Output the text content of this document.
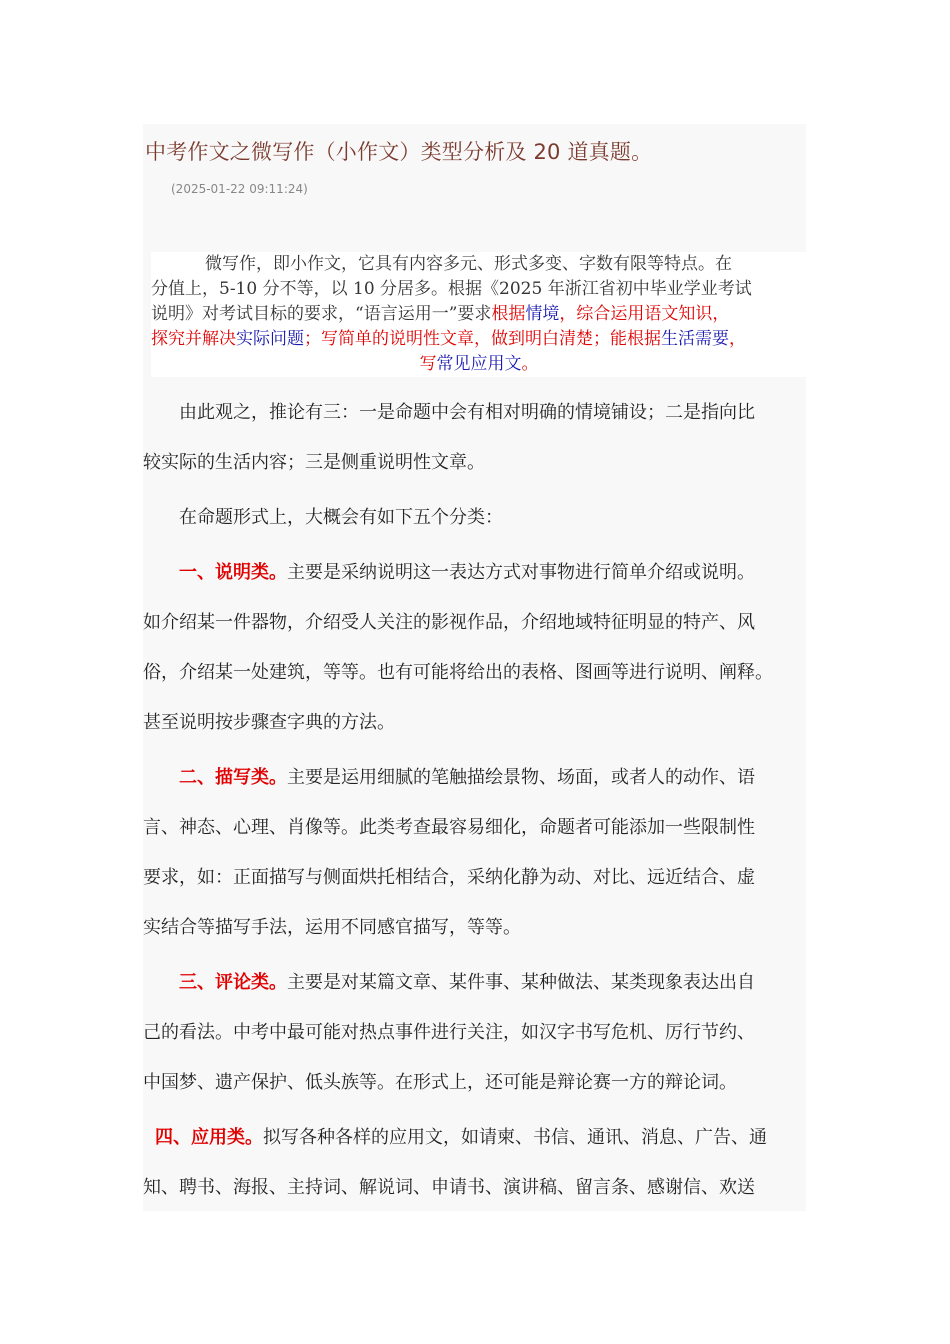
中考作文之微写作（小作文）类型分析及 20 道真题。
(2025-01-22 09:11:24)
微写作，即小作文，它具有内容多元、形式多变、字数有限等特点。在
分值上，5-10 分不等，以 10 分居多。根据《2025 年浙江省初中毕业学业考试
说明》对考试目标的要求，“语言运用一”要求根据情境，综合运用语文知识，
探究并解决实际问题；写简单的说明性文章，做到明白清楚；能根据生活需要，
写常见应用文。
由此观之，推论有三：一是命题中会有相对明确的情境铺设；二是指向比
较实际的生活内容；三是侧重说明性文章。
在命题形式上，大概会有如下五个分类：
一、说明类。主要是采纳说明这一表达方式对事物进行简单介绍或说明。
如介绍某一件器物，介绍受人关注的影视作品，介绍地域特征明显的特产、风
俗，介绍某一处建筑，等等。也有可能将给出的表格、图画等进行说明、阐释。
甚至说明按步骤查字典的方法。
二、描写类。主要是运用细腻的笔触描绘景物、场面，或者人的动作、语
言、神态、心理、肖像等。此类考查最容易细化，命题者可能添加一些限制性
要求，如：正面描写与侧面烘托相结合，采纳化静为动、对比、远近结合、虚
实结合等描写手法，运用不同感官描写，等等。
三、评论类。主要是对某篇文章、某件事、某种做法、某类现象表达出自
己的看法。中考中最可能对热点事件进行关注，如汉字书写危机、厉行节约、
中国梦、遗产保护、低头族等。在形式上，还可能是辩论赛一方的辩论词。
四、应用类。拟写各种各样的应用文，如请柬、书信、通讯、消息、广告、通
知、聘书、海报、主持词、解说词、申请书、演讲稿、留言条、感谢信、欢送
